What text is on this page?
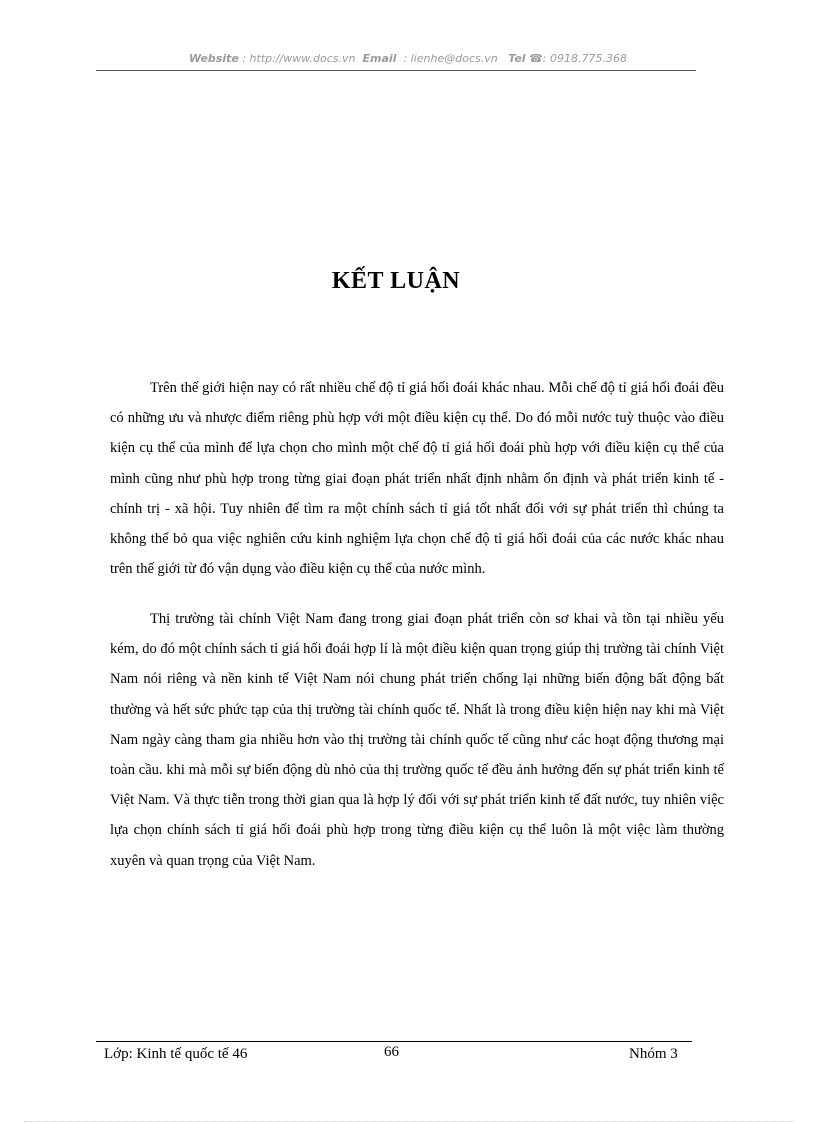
Website : http://www.docs.vn Email : lienhe@docs.vn Tel ☎: 0918.775.368
KẾT LUẬN
Trên thế giới hiện nay có rất nhiều chế độ tỉ giá hối đoái khác nhau. Mỗi chế độ tỉ giá hối đoái đều có những ưu và nhược điểm riêng phù hợp với một điều kiện cụ thể. Do đó mỗi nước tuỳ thuộc vào điều kiện cụ thể của mình để lựa chọn cho mình một chế độ tỉ giá hối đoái phù hợp với điều kiện cụ thể của mình cũng như phù hợp trong từng giai đoạn phát triển nhất định nhằm ổn định và phát triển kinh tế - chính trị - xã hội. Tuy nhiên để tìm ra một chính sách tỉ giá tốt nhất đối với sự phát triển thì chúng ta không thể bỏ qua việc nghiên cứu kinh nghiệm lựa chọn chế độ tỉ giá hối đoái của các nước khác nhau trên thế giới từ đó vận dụng vào điều kiện cụ thể của nước mình.
Thị trường tài chính Việt Nam đang trong giai đoạn phát triển còn sơ khai và tồn tại nhiều yếu kém, do đó một chính sách tỉ giá hối đoái hợp lí là một điều kiện quan trọng giúp thị trường tài chính Việt Nam nói riêng và nền kinh tế Việt Nam nói chung phát triển chống lại những biến động bất động bất thường và hết sức phức tạp của thị trường tài chính quốc tế. Nhất là trong điều kiện hiện nay khi mà Việt Nam ngày càng tham gia nhiều hơn vào thị trường tài chính quốc tế cũng như các hoạt động thương mại toàn cầu. khi mà mỗi sự biến động dù nhỏ của thị trường quốc tế đều ảnh hưởng đến sự phát triển kinh tế Việt Nam. Và thực tiễn trong thời gian qua là hợp lý đối với sự phát triển kinh tế đất nước, tuy nhiên việc lựa chọn chính sách tỉ giá hối đoái phù hợp trong từng điều kiện cụ thể luôn là một việc làm thường xuyên và quan trọng của Việt Nam.
Lớp: Kinh tế quốc tế 46	66	Nhóm 3
